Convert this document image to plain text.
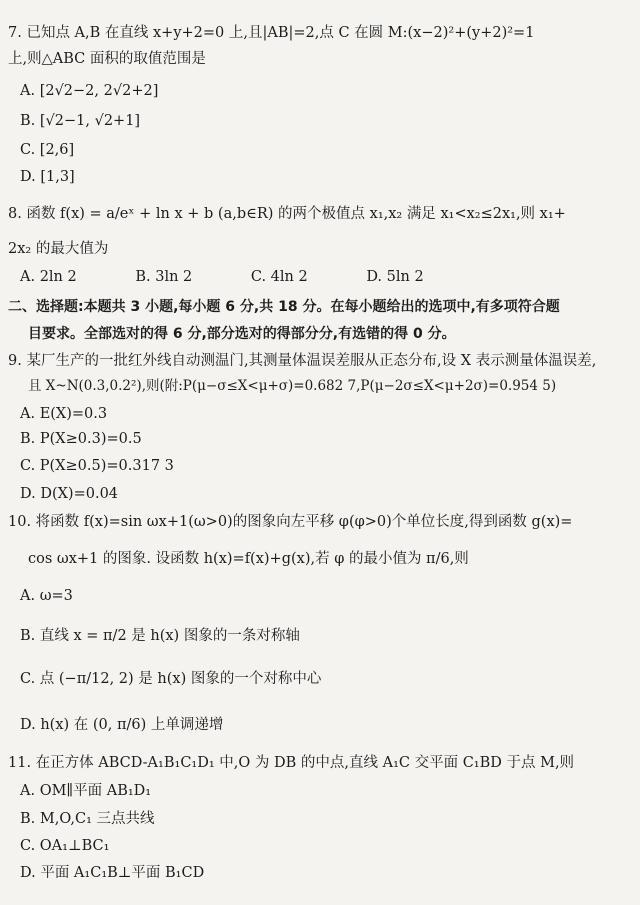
7. 已知点 A,B 在直线 x+y+2=0 上,且|AB|=2,点 C 在圆 M:(x−2)²+(y+2)²=1
上,则△ABC 面积的取值范围是
A. [2√2−2, 2√2+2]
B. [√2−1, √2+1]
C. [2,6]
D. [1,3]
8. 函数 f(x) = a/eˣ + ln x + b (a,b∈R) 的两个极值点 x₁,x₂ 满足 x₁<x₂≤2x₁,则 x₁+
2x₂ 的最大值为
A. 2ln 2	B. 3ln 2	C. 4ln 2	D. 5ln 2
二、选择题:本题共 3 小题,每小题 6 分,共 18 分。在每小题给出的选项中,有多项符合题
目要求。全部选对的得 6 分,部分选对的得部分分,有选错的得 0 分。
9. 某厂生产的一批红外线自动测温门,其测量体温误差服从正态分布,设 X 表示测量体温误差,
且 X~N(0.3,0.2²),则(附:P(μ−σ≤X<μ+σ)=0.682 7,P(μ−2σ≤X<μ+2σ)=0.954 5)
A. E(X)=0.3
B. P(X≥0.3)=0.5
C. P(X≥0.5)=0.317 3
D. D(X)=0.04
10. 将函数 f(x)=sin ωx+1(ω>0)的图象向左平移 φ(φ>0)个单位长度,得到函数 g(x)=
cos ωx+1 的图象. 设函数 h(x)=f(x)+g(x),若 φ 的最小值为 π/6,则
A. ω=3
B. 直线 x = π/2 是 h(x) 图象的一条对称轴
C. 点 (−π/12, 2) 是 h(x) 图象的一个对称中心
D. h(x) 在 (0, π/6) 上单调递增
11. 在正方体 ABCD-A₁B₁C₁D₁ 中,O 为 DB 的中点,直线 A₁C 交平面 C₁BD 于点 M,则
A. OM∥平面 AB₁D₁
B. M,O,C₁ 三点共线
C. OA₁⊥BC₁
D. 平面 A₁C₁B⊥平面 B₁CD
